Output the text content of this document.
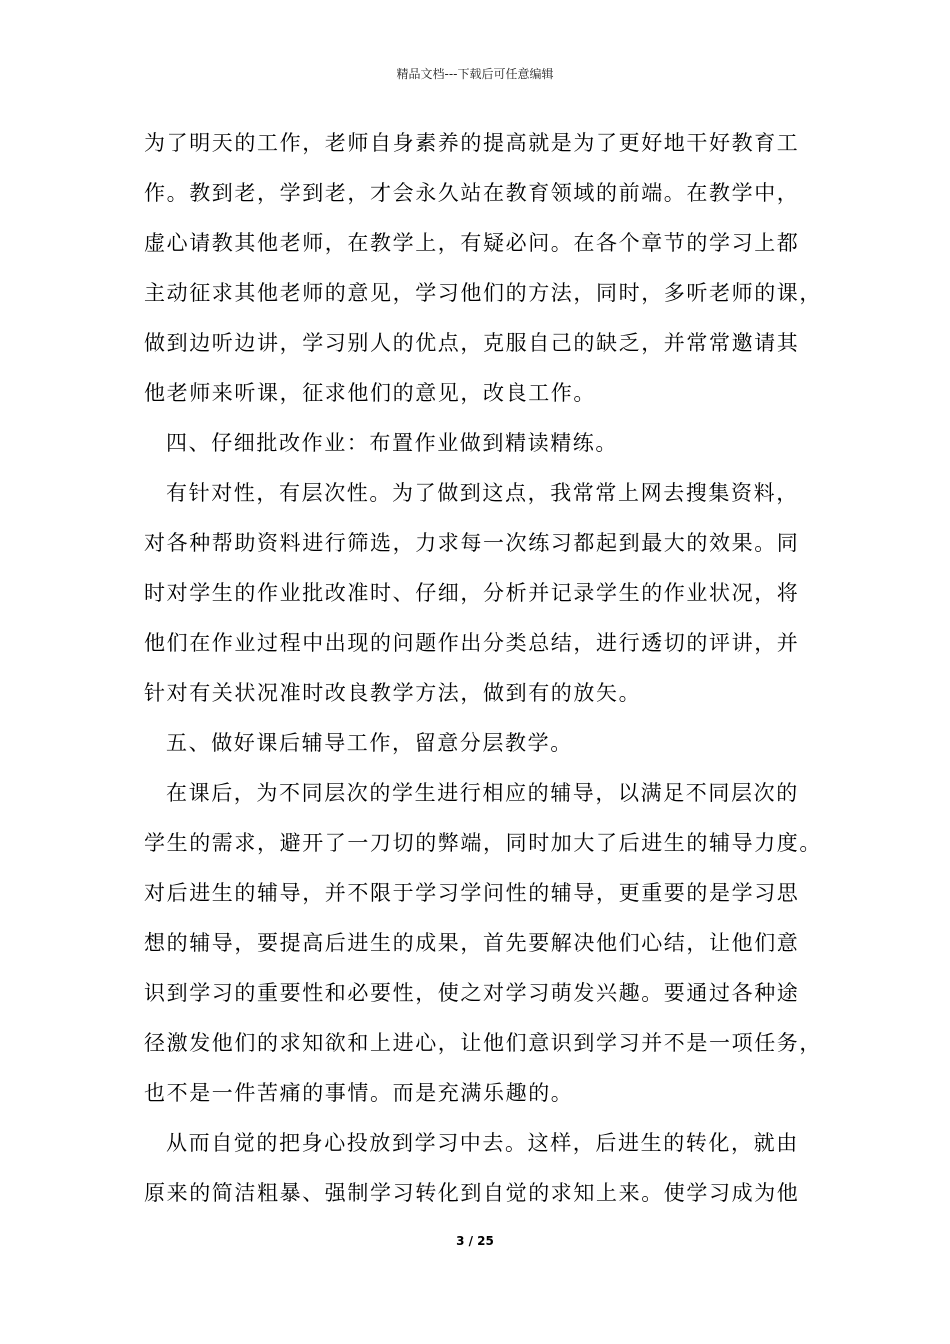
精品文档---下载后可任意编辑
为了明天的工作，老师自身素养的提高就是为了更好地干好教育工
作。教到老，学到老，才会永久站在教育领域的前端。在教学中，
虚心请教其他老师，在教学上，有疑必问。在各个章节的学习上都
主动征求其他老师的意见，学习他们的方法，同时，多听老师的课，
做到边听边讲，学习别人的优点，克服自己的缺乏，并常常邀请其
他老师来听课，征求他们的意见，改良工作。
四、仔细批改作业：布置作业做到精读精练。
有针对性，有层次性。为了做到这点，我常常上网去搜集资料，
对各种帮助资料进行筛选，力求每一次练习都起到最大的效果。同
时对学生的作业批改准时、仔细，分析并记录学生的作业状况，将
他们在作业过程中出现的问题作出分类总结，进行透切的评讲，并
针对有关状况准时改良教学方法，做到有的放矢。
五、做好课后辅导工作，留意分层教学。
在课后，为不同层次的学生进行相应的辅导，以满足不同层次的
学生的需求，避开了一刀切的弊端，同时加大了后进生的辅导力度。
对后进生的辅导，并不限于学习学问性的辅导，更重要的是学习思
想的辅导，要提高后进生的成果，首先要解决他们心结，让他们意
识到学习的重要性和必要性，使之对学习萌发兴趣。要通过各种途
径激发他们的求知欲和上进心，让他们意识到学习并不是一项任务，
也不是一件苦痛的事情。而是充满乐趣的。
从而自觉的把身心投放到学习中去。这样，后进生的转化，就由
原来的简洁粗暴、强制学习转化到自觉的求知上来。使学习成为他
3 / 25
